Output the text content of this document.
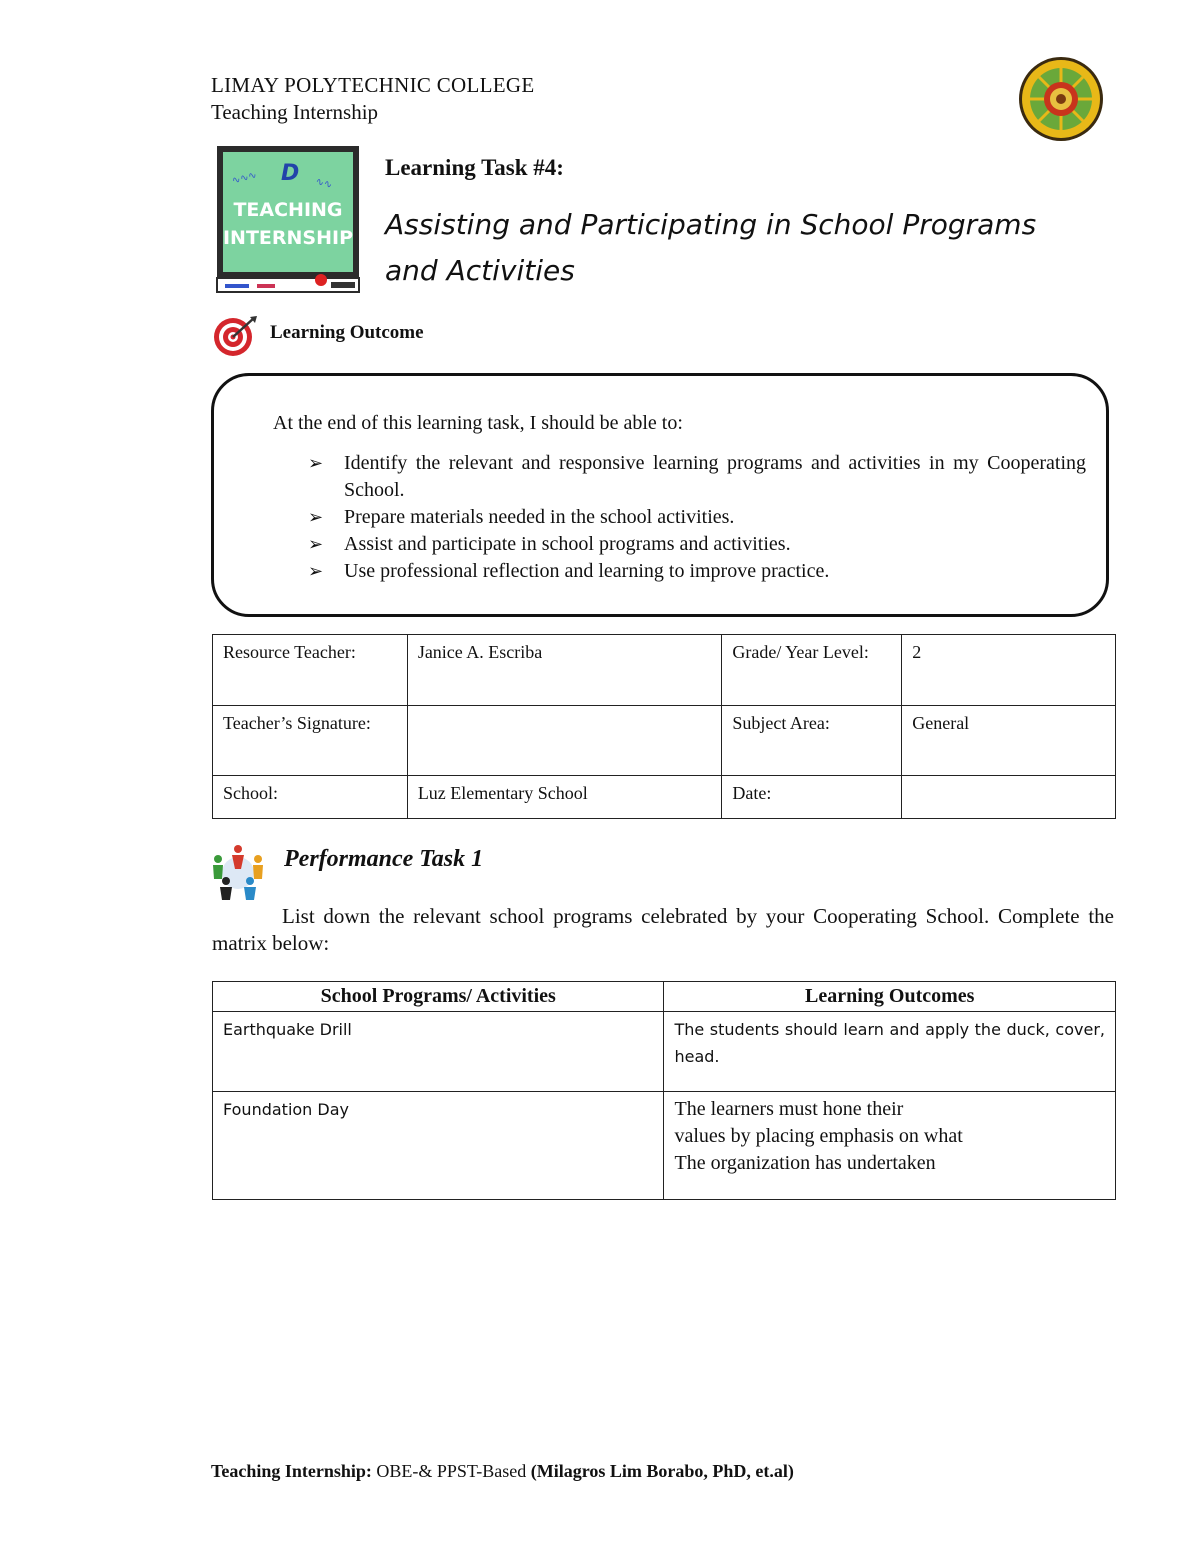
LIMAY POLYTECHNIC COLLEGE
Teaching Internship
∿∿∿ D ∿∿
TEACHING
INTERNSHIP
Learning Task #4:
Assisting and Participating in School Programs and Activities
Learning Outcome
At the end of this learning task, I should be able to:
➢ Identify the relevant and responsive learning programs and activities in my Cooperating School.
➢ Prepare materials needed in the school activities.
➢ Assist and participate in school programs and activities.
➢ Use professional reflection and learning to improve practice.
Resource Teacher:	Janice A. Escriba	Grade/ Year Level:	2
Teacher’s Signature:		Subject Area:	General
School:	Luz Elementary School	Date:	
Performance Task 1
List down the relevant school programs celebrated by your Cooperating School. Complete the matrix below:
School Programs/ Activities	Learning Outcomes
Earthquake Drill	The students should learn and apply the duck, cover, head.
Foundation Day	The learners must hone their
values by placing emphasis on what
The organization has undertaken
Teaching Internship: OBE-& PPST-Based (Milagros Lim Borabo, PhD, et.al)
